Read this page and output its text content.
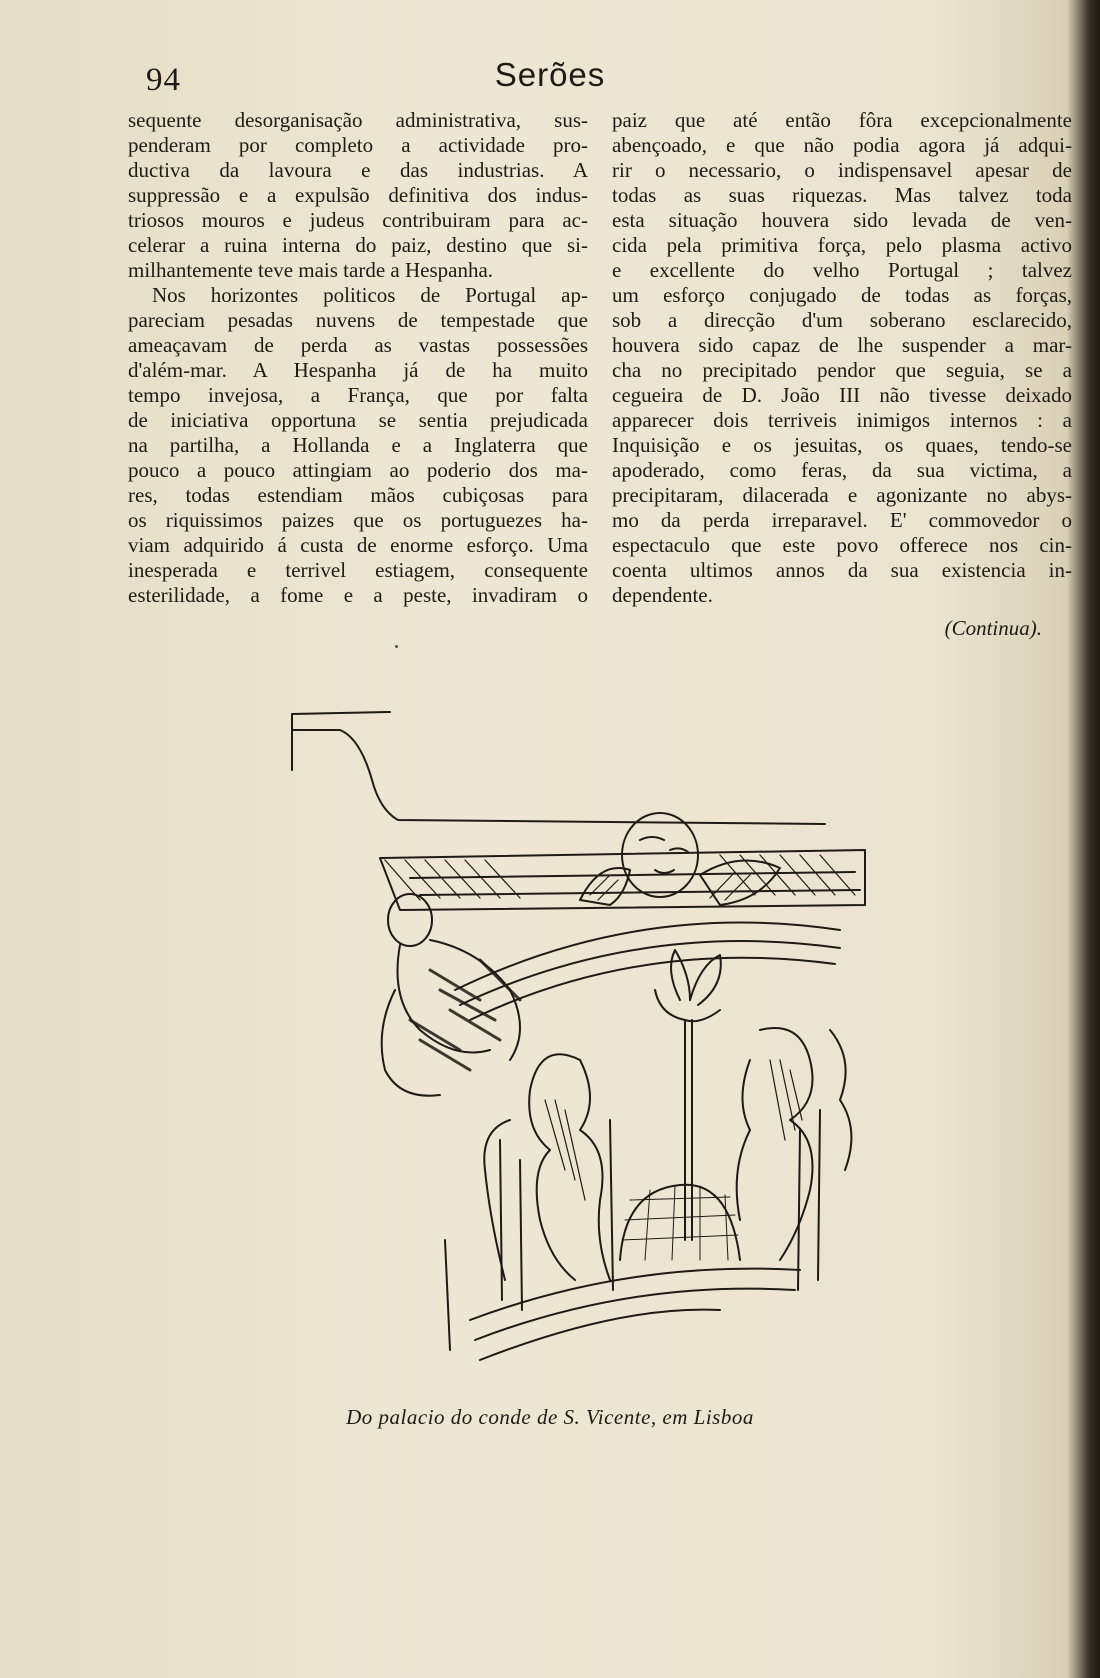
94	Serões
sequente desorganisação administrativa, sus-
penderam por completo a actividade pro-
ductiva da lavoura e das industrias. A
suppressão e a expulsão definitiva dos indus-
triosos mouros e judeus contribuiram para ac-
celerar a ruina interna do paiz, destino que si-
milhantemente teve mais tarde a Hespanha.
Nos horizontes politicos de Portugal ap-
pareciam pesadas nuvens de tempestade que
ameaçavam de perda as vastas possessões
d'além-mar. A Hespanha já de ha muito
tempo invejosa, a França, que por falta
de iniciativa opportuna se sentia prejudicada
na partilha, a Hollanda e a Inglaterra que
pouco a pouco attingiam ao poderio dos ma-
res, todas estendiam mãos cubiçosas para
os riquissimos paizes que os portuguezes ha-
viam adquirido á custa de enorme esforço. Uma
inesperada e terrivel estiagem, consequente
esterilidade, a fome e a peste, invadiram o
paiz que até então fôra excepcionalmente
abençoado, e que não podia agora já adqui-
rir o necessario, o indispensavel apesar de
todas as suas riquezas. Mas talvez toda
esta situação houvera sido levada de ven-
cida pela primitiva força, pelo plasma activo
e excellente do velho Portugal ; talvez
um esforço conjugado de todas as forças,
sob a direcção d'um soberano esclarecido,
houvera sido capaz de lhe suspender a mar-
cha no precipitado pendor que seguia, se a
cegueira de D. João III não tivesse deixado
apparecer dois terriveis inimigos internos : a
Inquisição e os jesuitas, os quaes, tendo-se
apoderado, como feras, da sua victima, a
precipitaram, dilacerada e agonizante no abys-
mo da perda irreparavel. E' commovedor o
espectaculo que este povo offerece nos cin-
coenta ultimos annos da sua existencia in-
dependente.
(Continua).
Do palacio do conde de S. Vicente, em Lisboa
